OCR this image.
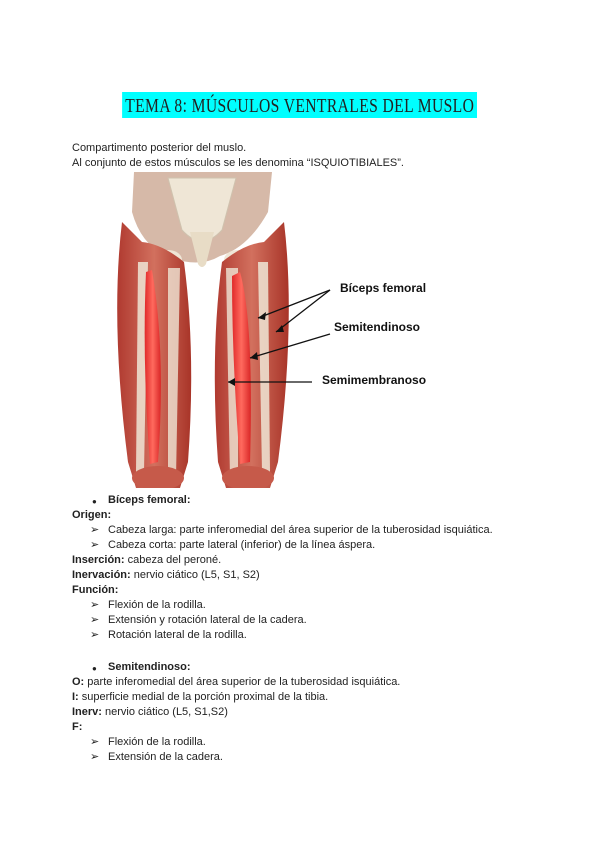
TEMA 8: MÚSCULOS VENTRALES DEL MUSLO
Compartimento posterior del muslo.
Al conjunto de estos músculos se les denomina “ISQUIOTIBIALES”.
Bíceps femoral
Semitendinoso
Semimembranoso
● Bíceps femoral:
Origen:
➢ Cabeza larga: parte inferomedial del área superior de la tuberosidad isquiática.
➢ Cabeza corta: parte lateral (inferior) de la línea áspera.
Inserción: cabeza del peroné.
Inervación: nervio ciático (L5, S1, S2)
Función:
➢ Flexión de la rodilla.
➢ Extensión y rotación lateral de la cadera.
➢ Rotación lateral de la rodilla.
● Semitendinoso:
O: parte inferomedial del área superior de la tuberosidad isquiática.
I: superficie medial de la porción proximal de la tibia.
Inerv: nervio ciático (L5, S1,S2)
F:
➢ Flexión de la rodilla.
➢ Extensión de la cadera.
